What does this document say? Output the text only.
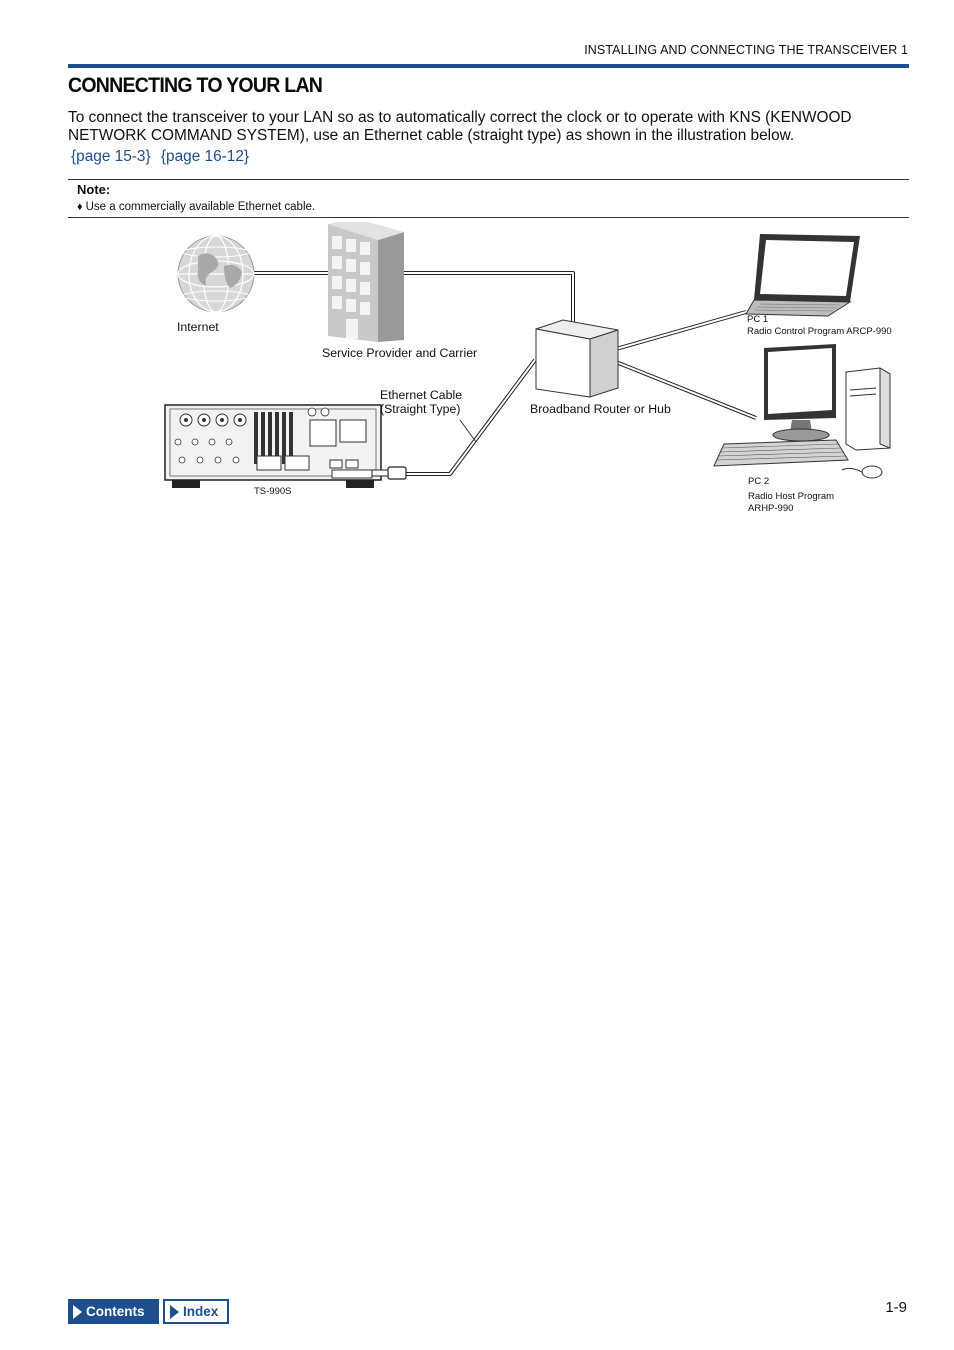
INSTALLING AND CONNECTING THE TRANSCEIVER 1
CONNECTING TO YOUR LAN

To connect the transceiver to your LAN so as to automatically correct the clock or to operate with KNS (KENWOOD NETWORK COMMAND SYSTEM), use an Ethernet cable (straight type) as shown in the illustration below.

{page 15-3} {page 16-12}
Note:
♦ Use a commercially available Ethernet cable.
Internet
Service Provider and Carrier
Ethernet Cable
(Straight Type)	Broadband Router or Hub
TS-990S
PC 1
Radio Control Program ARCP-990
PC 2
Radio Host Program
ARHP-990
Contents	Index	1-9
